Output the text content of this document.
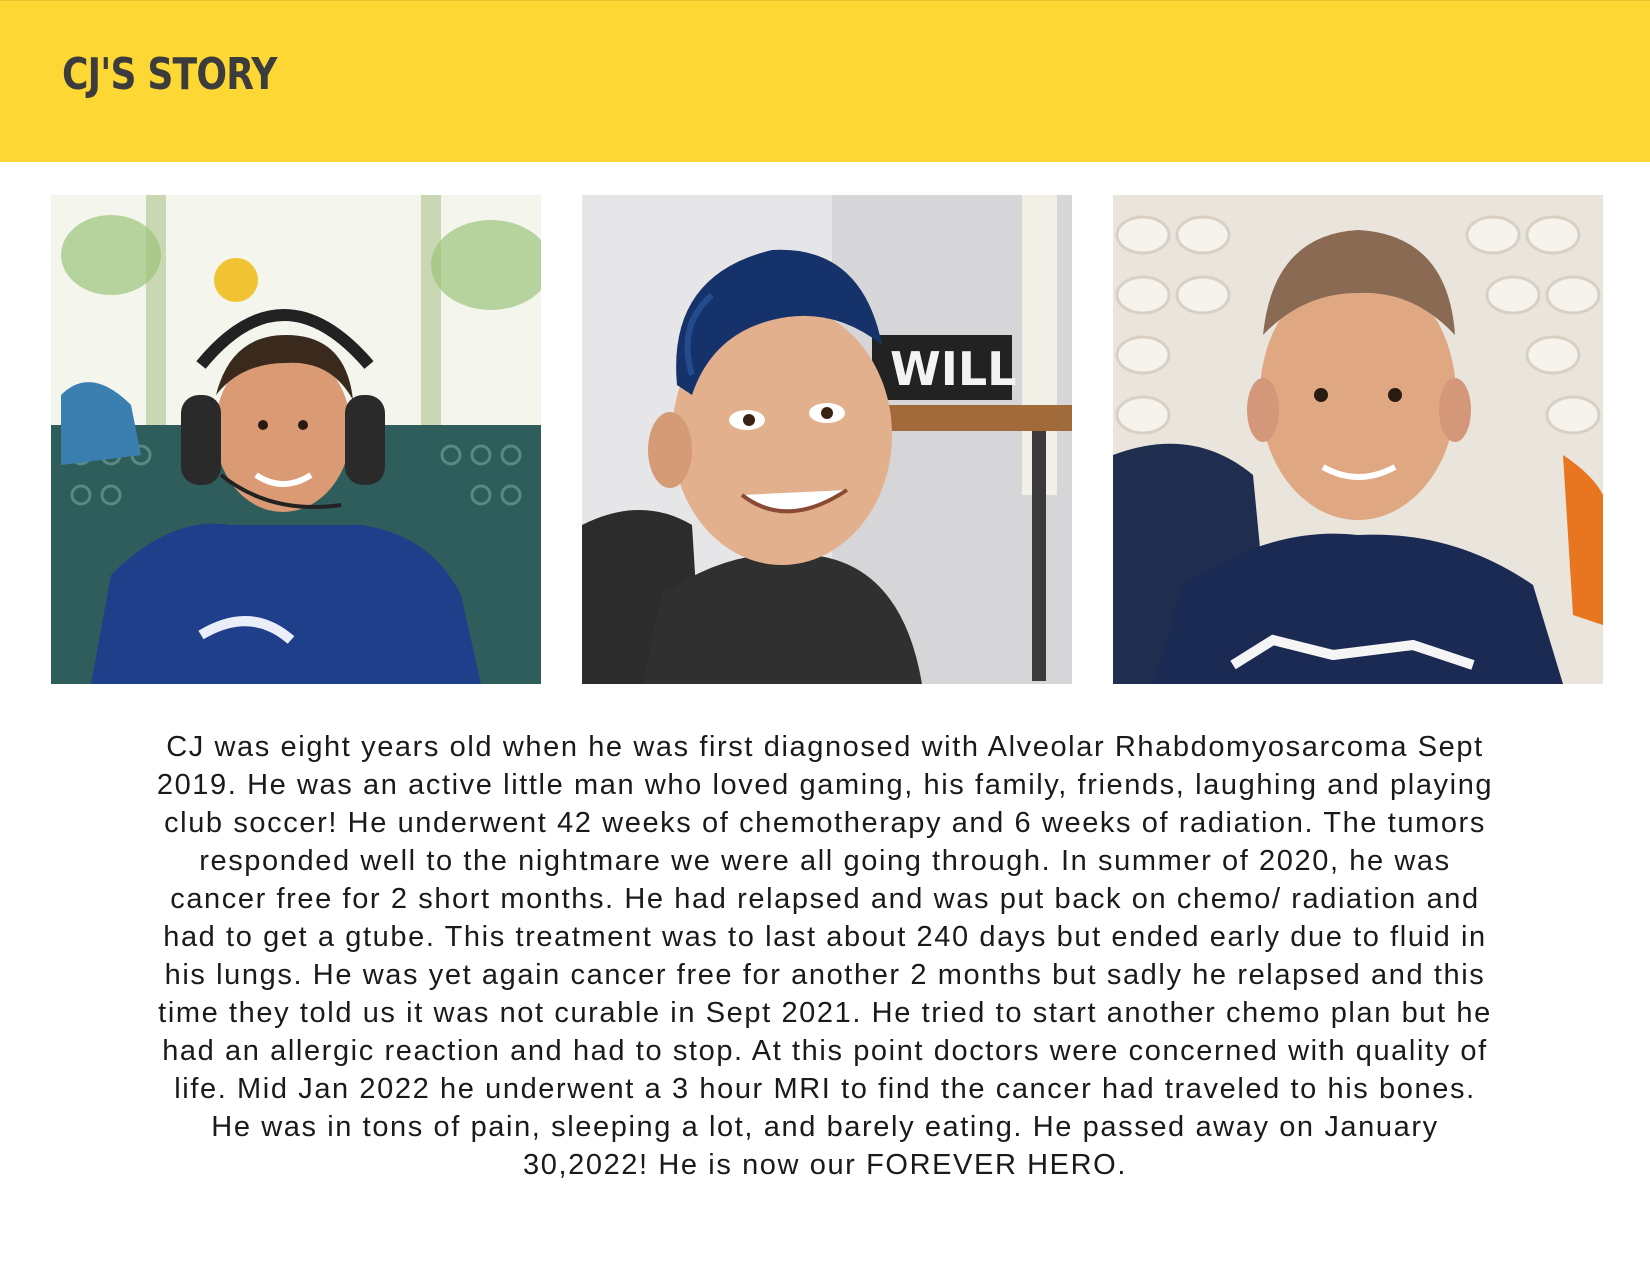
CJ'S STORY
WILL
CJ was eight years old when he was first diagnosed with Alveolar Rhabdomyosarcoma Sept
2019. He was an active little man who loved gaming, his family, friends, laughing and playing
club soccer! He underwent 42 weeks of chemotherapy and 6 weeks of radiation. The tumors
responded well to the nightmare we were all going through. In summer of 2020, he was
cancer free for 2 short months. He had relapsed and was put back on chemo/ radiation and
had to get a gtube. This treatment was to last about 240 days but ended early due to fluid in
his lungs. He was yet again cancer free for another 2 months but sadly he relapsed and this
time they told us it was not curable in Sept 2021. He tried to start another chemo plan but he
had an allergic reaction and had to stop. At this point doctors were concerned with quality of
life. Mid Jan 2022 he underwent a 3 hour MRI to find the cancer had traveled to his bones.
He was in tons of pain, sleeping a lot, and barely eating. He passed away on January
30,2022! He is now our FOREVER HERO.
